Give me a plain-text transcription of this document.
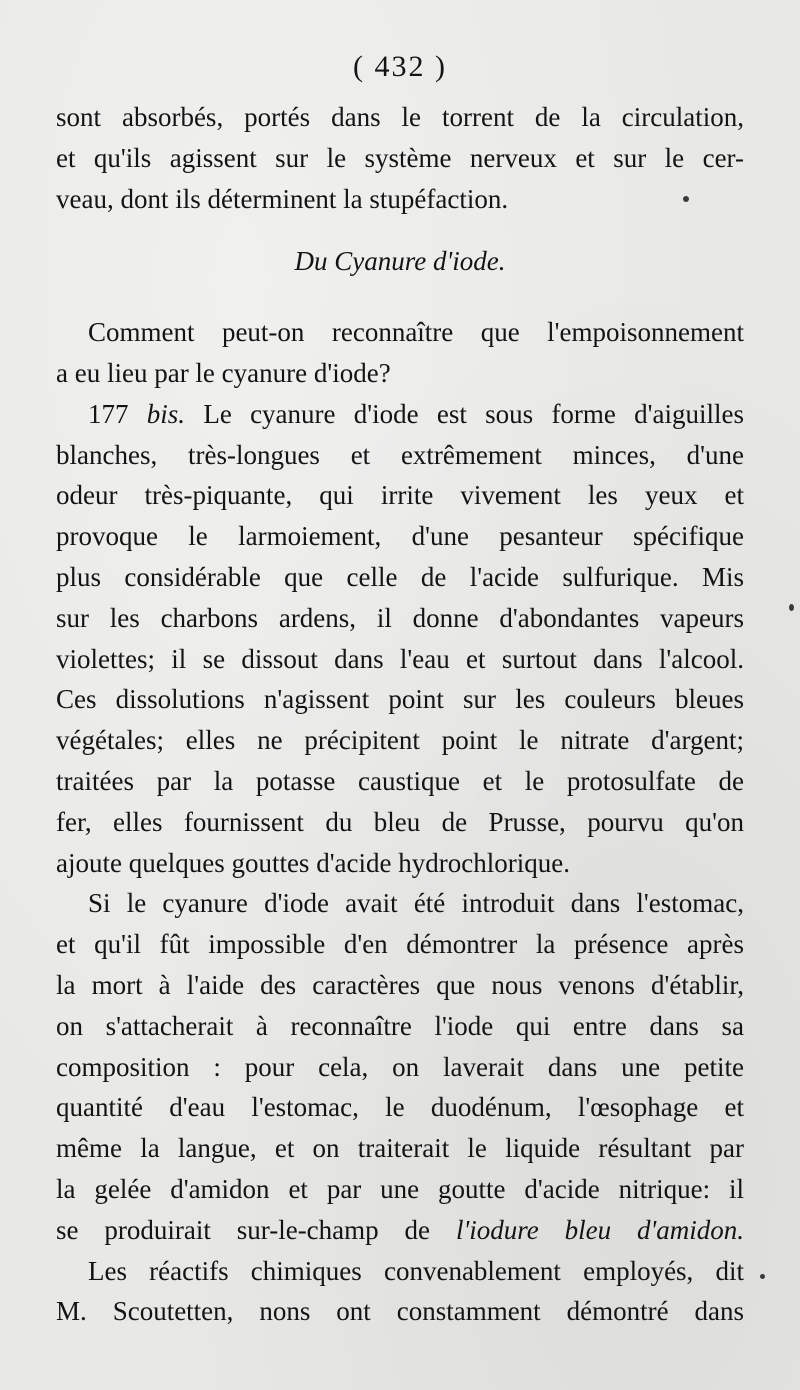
( 432 )
sont absorbés, portés dans le torrent de la circulation,
et qu'ils agissent sur le système nerveux et sur le cer-
veau, dont ils déterminent la stupéfaction.
Du Cyanure d'iode.
Comment peut-on reconnaître que l'empoisonnement
a eu lieu par le cyanure d'iode?
177 bis. Le cyanure d'iode est sous forme d'aiguilles
blanches, très-longues et extrêmement minces, d'une
odeur très-piquante, qui irrite vivement les yeux et
provoque le larmoiement, d'une pesanteur spécifique
plus considérable que celle de l'acide sulfurique. Mis
sur les charbons ardens, il donne d'abondantes vapeurs
violettes; il se dissout dans l'eau et surtout dans l'alcool.
Ces dissolutions n'agissent point sur les couleurs bleues
végétales; elles ne précipitent point le nitrate d'argent;
traitées par la potasse caustique et le protosulfate de
fer, elles fournissent du bleu de Prusse, pourvu qu'on
ajoute quelques gouttes d'acide hydrochlorique.
Si le cyanure d'iode avait été introduit dans l'estomac,
et qu'il fût impossible d'en démontrer la présence après
la mort à l'aide des caractères que nous venons d'établir,
on s'attacherait à reconnaître l'iode qui entre dans sa
composition : pour cela, on laverait dans une petite
quantité d'eau l'estomac, le duodénum, l'œsophage et
même la langue, et on traiterait le liquide résultant par
la gelée d'amidon et par une goutte d'acide nitrique: il
se produirait sur-le-champ de l'iodure bleu d'amidon.
Les réactifs chimiques convenablement employés, dit
M. Scoutetten, nons ont constamment démontré dans
